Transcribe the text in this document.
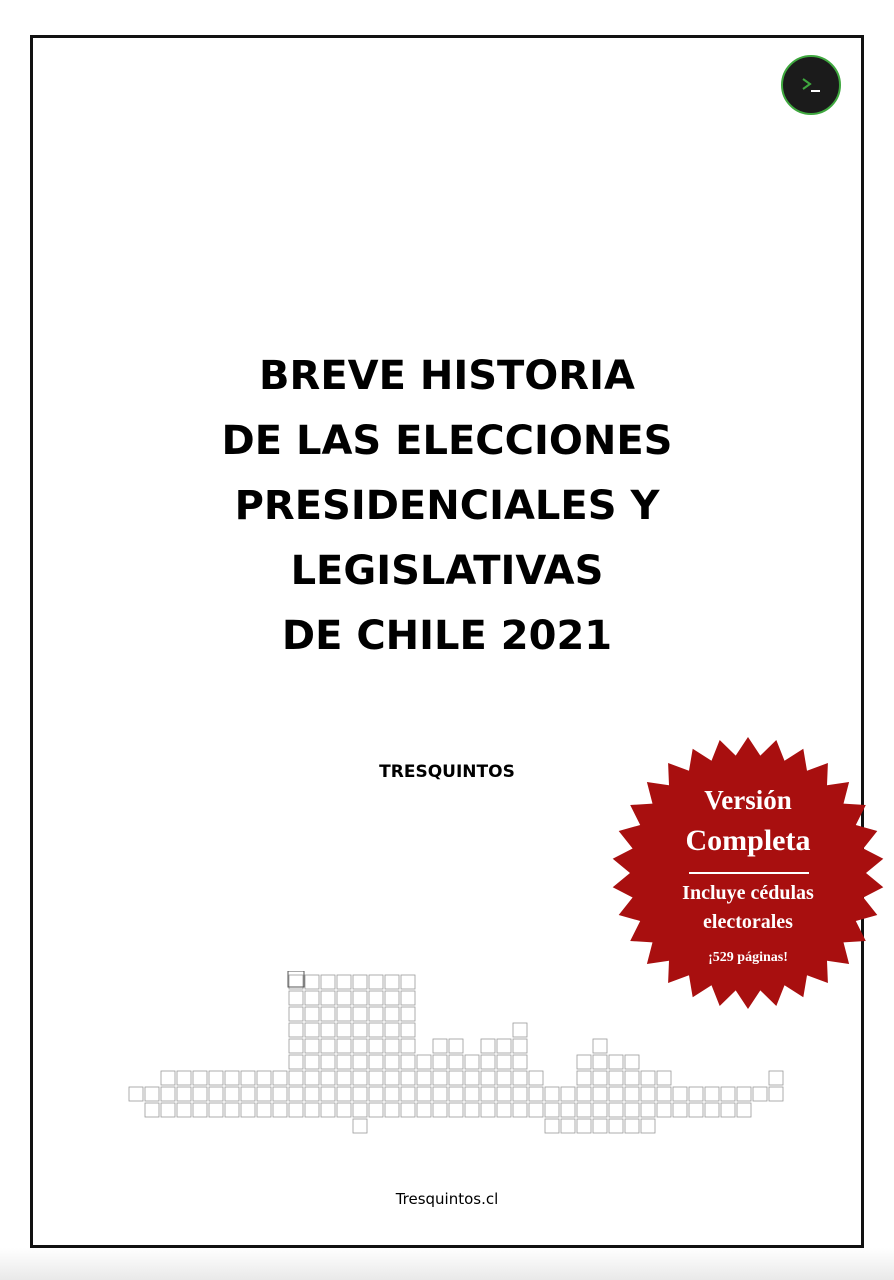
BREVE HISTORIA
DE LAS ELECCIONES
PRESIDENCIALES Y
LEGISLATIVAS
DE CHILE 2021
TRESQUINTOS
Tresquintos.cl
Versión
Completa
Incluye cédulas
electorales
¡529 páginas!
